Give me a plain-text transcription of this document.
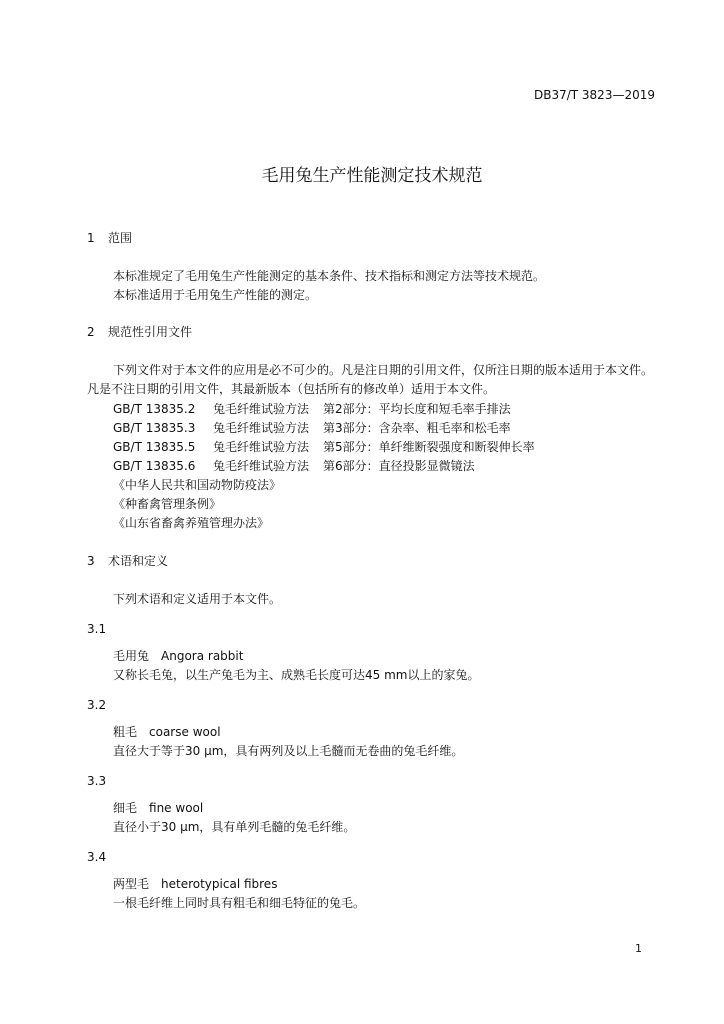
DB37/T 3823—2019
毛用兔生产性能测定技术规范
1 范围
本标准规定了毛用兔生产性能测定的基本条件、技术指标和测定方法等技术规范。
本标准适用于毛用兔生产性能的测定。
2 规范性引用文件
下列文件对于本文件的应用是必不可少的。凡是注日期的引用文件，仅所注日期的版本适用于本文件。凡是不注日期的引用文件，其最新版本（包括所有的修改单）适用于本文件。
GB/T 13835.2 兔毛纤维试验方法 第2部分：平均长度和短毛率手排法
GB/T 13835.3 兔毛纤维试验方法 第3部分：含杂率、粗毛率和松毛率
GB/T 13835.5 兔毛纤维试验方法 第5部分：单纤维断裂强度和断裂伸长率
GB/T 13835.6 兔毛纤维试验方法 第6部分：直径投影显微镜法
《中华人民共和国动物防疫法》
《种畜禽管理条例》
《山东省畜禽养殖管理办法》
3 术语和定义
下列术语和定义适用于本文件。
3.1
毛用兔 Angora rabbit
又称长毛兔，以生产兔毛为主、成熟毛长度可达45 mm以上的家兔。
3.2
粗毛 coarse wool
直径大于等于30 μm，具有两列及以上毛髓而无卷曲的兔毛纤维。
3.3
细毛 fine wool
直径小于30 μm，具有单列毛髓的兔毛纤维。
3.4
两型毛 heterotypical fibres
一根毛纤维上同时具有粗毛和细毛特征的兔毛。
1
